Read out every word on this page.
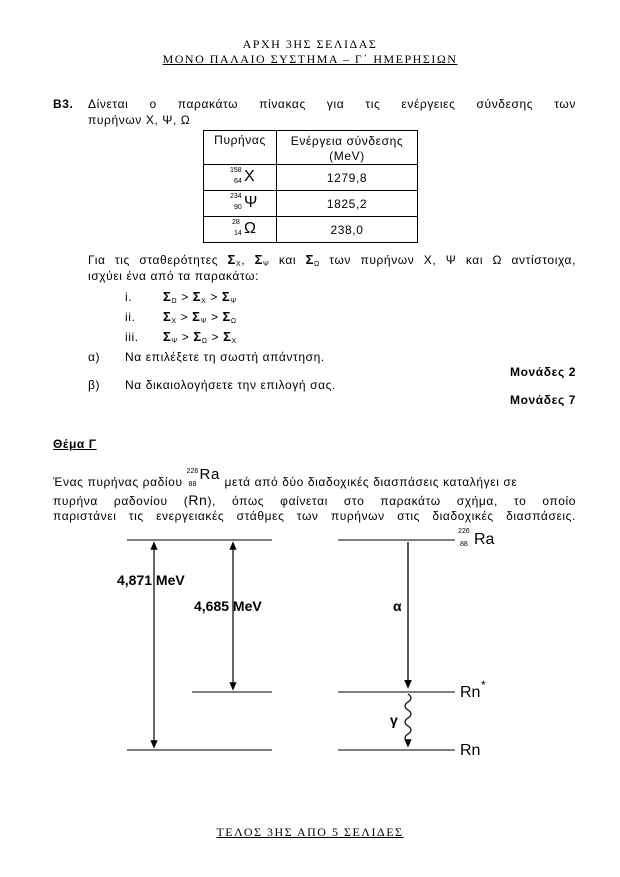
ΑΡΧΗ 3ΗΣ ΣΕΛΙΔΑΣ
ΜΟΝΟ ΠΑΛΑΙΟ ΣΥΣΤΗΜΑ – Γ΄ ΗΜΕΡΗΣΙΩΝ
Β3. Δίνεται ο παρακάτω πίνακας για τις ενέργειες σύνδεσης των
πυρήνων Χ, Ψ, Ω
Πυρήνας	Ενέργεια σύνδεσης
(MeV)

158
64 X	1279,8

234
90 Ψ	1825,2

28
14 Ω	238,0
Για τις σταθερότητες $\Sigma_X$, $\Sigma_\Psi$ και $\Sigma_\Omega$ των πυρήνων Χ, Ψ και Ω αντίστοιχα,
ισχύει ένα από τα παρακάτω:
i. $\Sigma_\Omega > \Sigma_X > \Sigma_\Psi$
ii. $\Sigma_X > \Sigma_\Psi > \Sigma_\Omega$
iii. $\Sigma_\Psi > \Sigma_\Omega > \Sigma_X$
α) Να επιλέξετε τη σωστή απάντηση.
Μονάδες 2
β) Να δικαιολογήσετε την επιλογή σας.
Μονάδες 7
Θέμα Γ
Ένας πυρήνας ραδίου
226
88
Ra μετά από δύο διαδοχικές διασπάσεις καταλήγει σε
πυρήνα ραδονίου (Rn), όπως φαίνεται στο παρακάτω σχήμα, το οποίο
παριστάνει τις ενεργειακές στάθμες των πυρήνων στις διαδοχικές διασπάσεις.
4,871 MeV
4,685 MeV	α
γ
226
88 Ra
Rn *
Rn
ΤΕΛΟΣ 3ΗΣ ΑΠΟ 5 ΣΕΛΙΔΕΣ
